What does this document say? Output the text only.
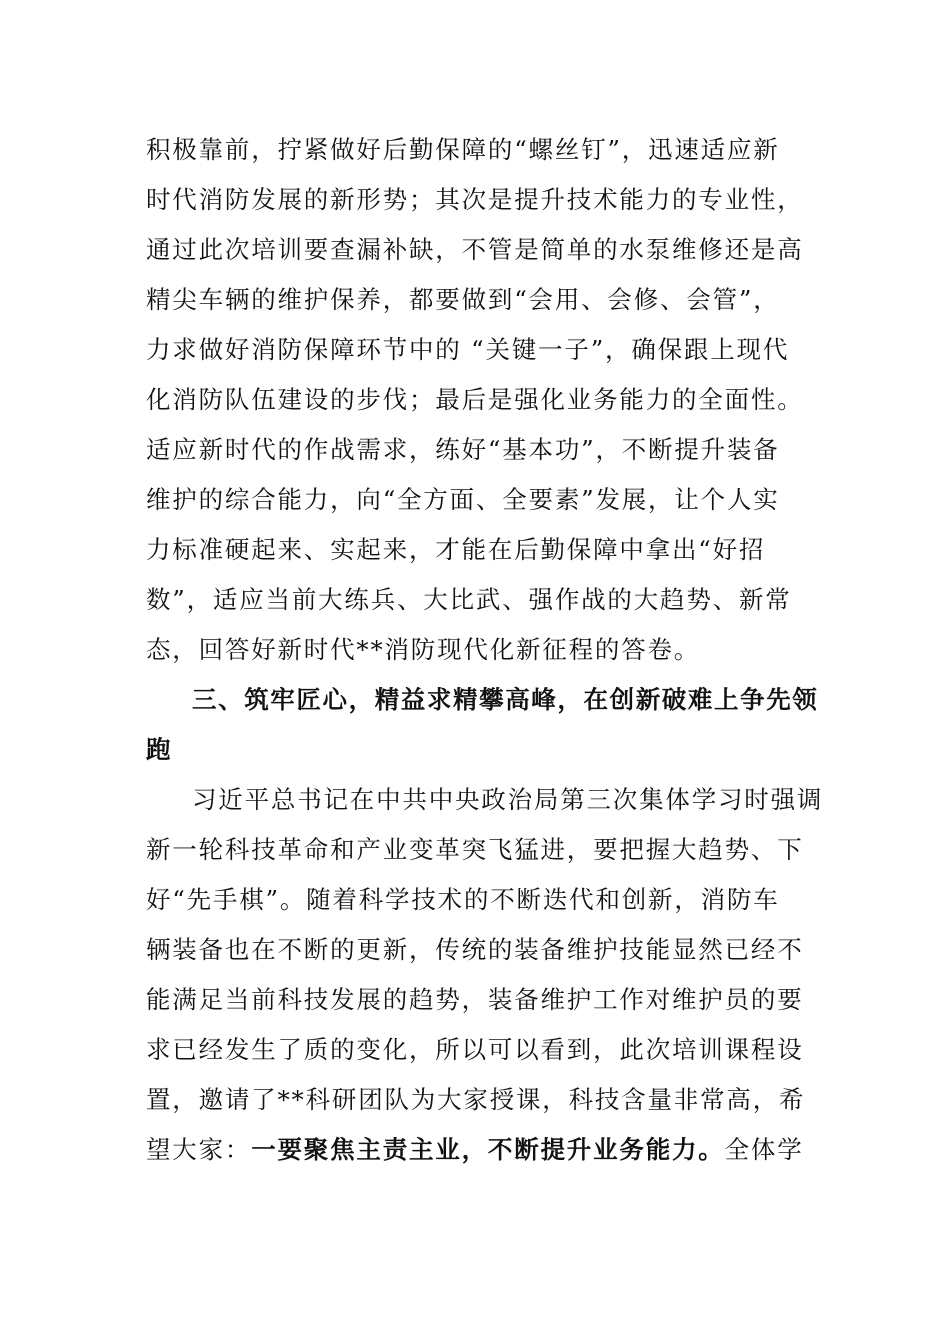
积极靠前，拧紧做好后勤保障的“螺丝钉”，迅速适应新
时代消防发展的新形势；其次是提升技术能力的专业性，
通过此次培训要查漏补缺，不管是简单的水泵维修还是高
精尖车辆的维护保养，都要做到“会用、会修、会管”，
力求做好消防保障环节中的 “关键一子”，确保跟上现代
化消防队伍建设的步伐；最后是强化业务能力的全面性。
适应新时代的作战需求，练好“基本功”，不断提升装备
维护的综合能力，向“全方面、全要素”发展，让个人实
力标准硬起来、实起来，才能在后勤保障中拿出“好招
数”，适应当前大练兵、大比武、强作战的大趋势、新常
态，回答好新时代**消防现代化新征程的答卷。
三、筑牢匠心，精益求精攀高峰，在创新破难上争先领
跑
习近平总书记在中共中央政治局第三次集体学习时强调
新一轮科技革命和产业变革突飞猛进，要把握大趋势、下
好“先手棋”。随着科学技术的不断迭代和创新，消防车
辆装备也在不断的更新，传统的装备维护技能显然已经不
能满足当前科技发展的趋势，装备维护工作对维护员的要
求已经发生了质的变化，所以可以看到，此次培训课程设
置，邀请了**科研团队为大家授课，科技含量非常高，希
望大家：一要聚焦主责主业，不断提升业务能力。全体学
